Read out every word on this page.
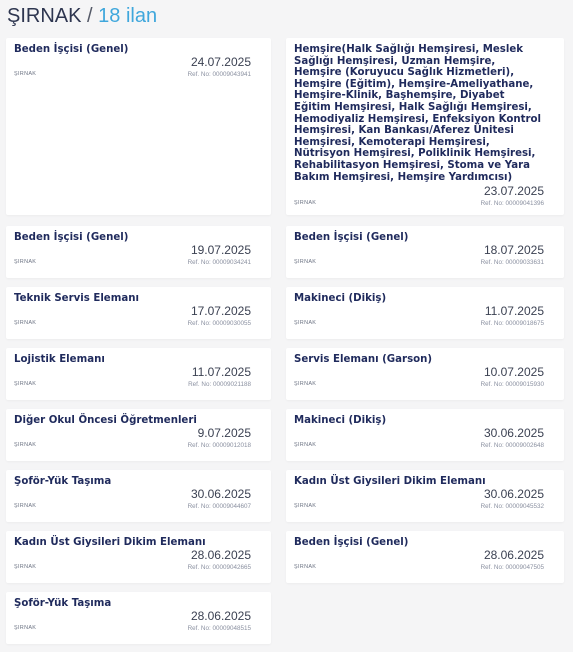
ŞIRNAK / 18 ilan
Beden İşçisi (Genel)
24.07.2025
ŞIRNAK	Ref. No: 00009043941
Beden İşçisi (Genel)
19.07.2025
ŞIRNAK	Ref. No: 00009034241
Teknik Servis Elemanı
17.07.2025
ŞIRNAK	Ref. No: 00009030055
Lojistik Elemanı
11.07.2025
ŞIRNAK	Ref. No: 00009021188
Diğer Okul Öncesi Öğretmenleri
9.07.2025
ŞIRNAK	Ref. No: 00009012018
Şoför-Yük Taşıma
30.06.2025
ŞIRNAK	Ref. No: 00009044607
Kadın Üst Giysileri Dikim Elemanı
28.06.2025
ŞIRNAK	Ref. No: 00009042665
Şoför-Yük Taşıma
28.06.2025
ŞIRNAK	Ref. No: 00009048515
Hemşire(Halk Sağlığı Hemşiresi, Meslek Sağlığı Hemşiresi, Uzman Hemşire, Hemşire (Koruyucu Sağlık Hizmetleri), Hemşire (Eğitim), Hemşire-Ameliyathane, Hemşire-Klinik, Başhemşire, Diyabet Eğitim Hemşiresi, Halk Sağlığı Hemşiresi, Hemodiyaliz Hemşiresi, Enfeksiyon Kontrol Hemşiresi, Kan Bankası/Aferez Ünitesi Hemşiresi, Kemoterapi Hemşiresi, Nütrisyon Hemşiresi, Poliklinik Hemşiresi, Rehabilitasyon Hemşiresi, Stoma ve Yara Bakım Hemşiresi, Hemşire Yardımcısı)
23.07.2025
ŞIRNAK	Ref. No: 00009041396
Beden İşçisi (Genel)
18.07.2025
ŞIRNAK	Ref. No: 00009033631
Makineci (Dikiş)
11.07.2025
ŞIRNAK	Ref. No: 00009018675
Servis Elemanı (Garson)
10.07.2025
ŞIRNAK	Ref. No: 00009015930
Makineci (Dikiş)
30.06.2025
ŞIRNAK	Ref. No: 00009002648
Kadın Üst Giysileri Dikim Elemanı
30.06.2025
ŞIRNAK	Ref. No: 00009045532
Beden İşçisi (Genel)
28.06.2025
ŞIRNAK	Ref. No: 00009047505
